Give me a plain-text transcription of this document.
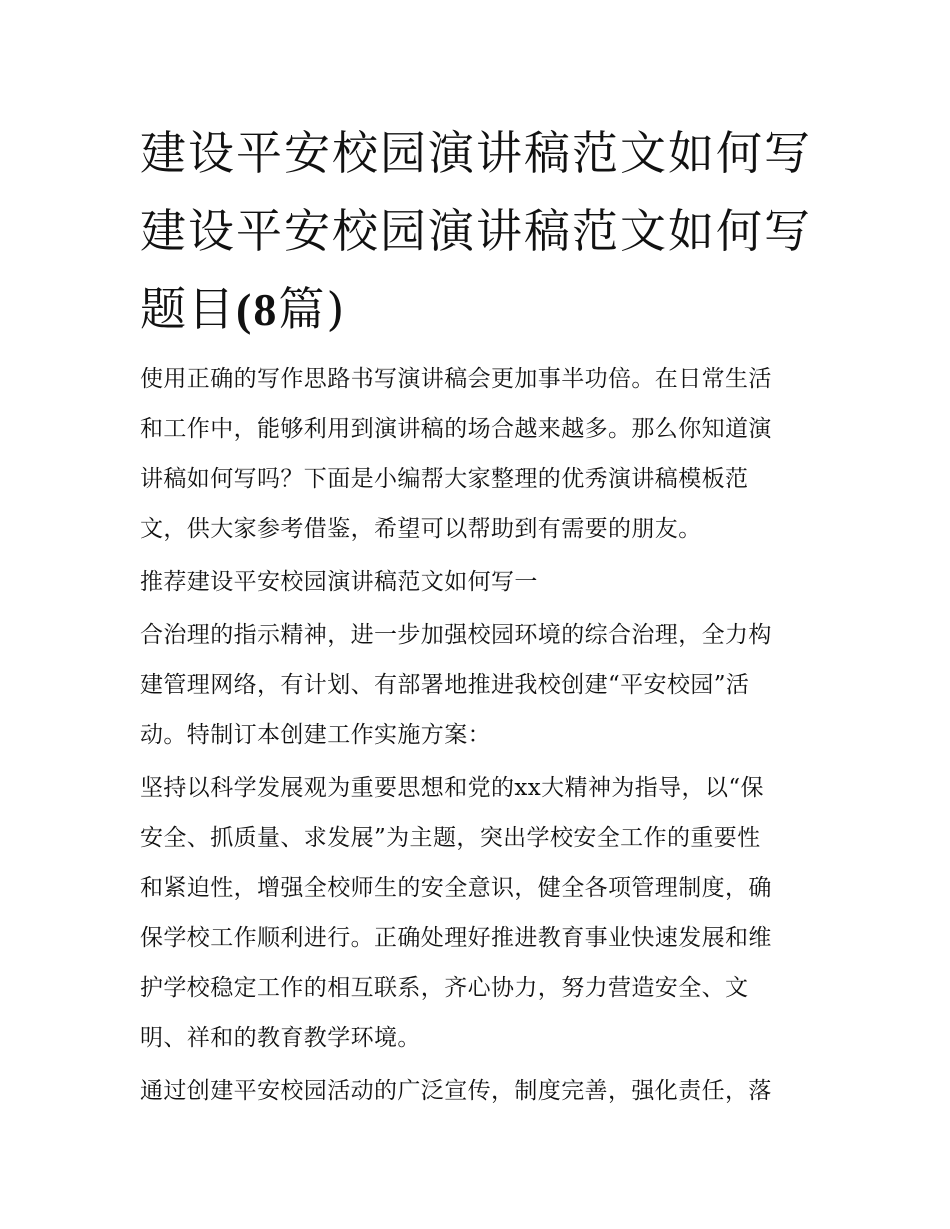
建设平安校园演讲稿范文如何写 建设平安校园演讲稿范文如何写题目(8篇)

使用正确的写作思路书写演讲稿会更加事半功倍。在日常生活

和工作中，能够利用到演讲稿的场合越来越多。那么你知道演

讲稿如何写吗？下面是小编帮大家整理的优秀演讲稿模板范

文，供大家参考借鉴，希望可以帮助到有需要的朋友。

推荐建设平安校园演讲稿范文如何写一

合治理的指示精神，进一步加强校园环境的综合治理，全力构

建管理网络，有计划、有部署地推进我校创建“平安校园”活

动。特制订本创建工作实施方案：

坚持以科学发展观为重要思想和党的xx大精神为指导，以“保

安全、抓质量、求发展”为主题，突出学校安全工作的重要性

和紧迫性，增强全校师生的安全意识，健全各项管理制度，确

保学校工作顺利进行。正确处理好推进教育事业快速发展和维

护学校稳定工作的相互联系，齐心协力，努力营造安全、文

明、祥和的教育教学环境。

通过创建平安校园活动的广泛宣传，制度完善，强化责任，落
